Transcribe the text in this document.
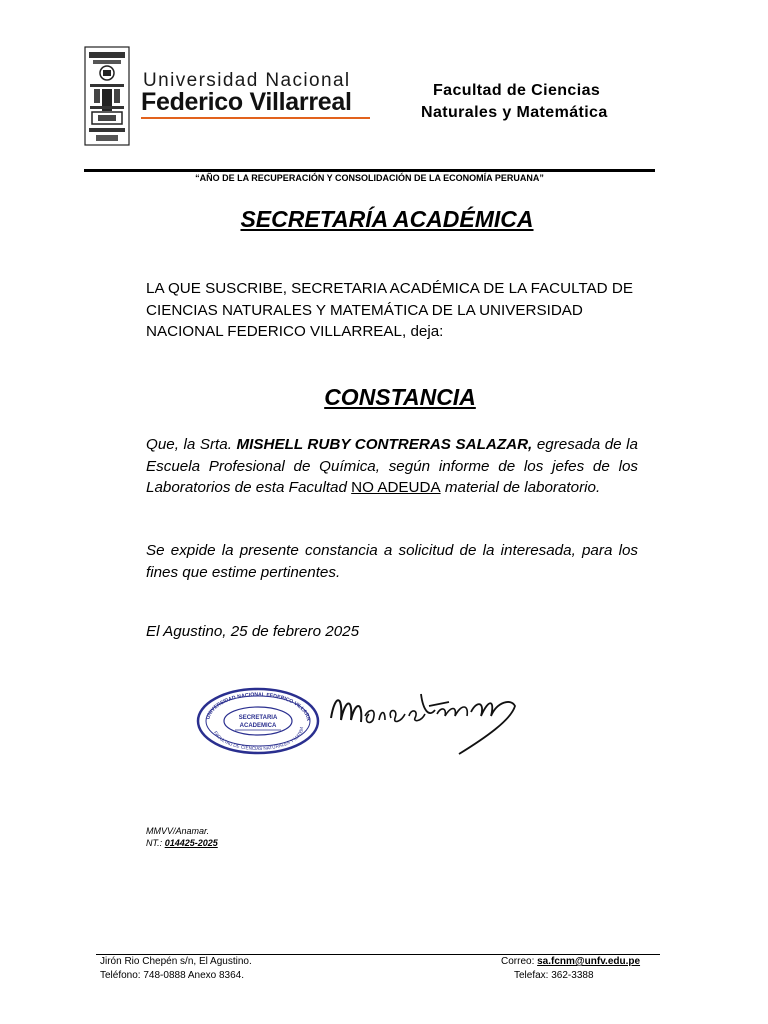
Universidad Nacional
Federico Villarreal	Facultad de Ciencias
Naturales y Matemática
“AÑO DE LA RECUPERACIÓN Y CONSOLIDACIÓN DE LA ECONOMÍA PERUANA”
SECRETARÍA ACADÉMICA
LA QUE SUSCRIBE, SECRETARIA ACADÉMICA DE LA FACULTAD DE CIENCIAS NATURALES Y MATEMÁTICA DE LA UNIVERSIDAD NACIONAL FEDERICO VILLARREAL, deja:
CONSTANCIA
Que, la Srta. MISHELL RUBY CONTRERAS SALAZAR, egresada de la Escuela Profesional de Química, según informe de los jefes de los Laboratorios de esta Facultad NO ADEUDA material de laboratorio.
Se expide la presente constancia a solicitud de la interesada, para los fines que estime pertinentes.
El Agustino, 25 de febrero 2025
UNIVERSIDAD NACIONAL FEDERICO VILLARR
FACULTAD DE CIENCIAS NATURALES Y MATEM
SECRETARIA
ACADEMICA
MMVV/Anamar.
NT.: 014425-2025
Jirón Rio Chepén s/n, El Agustino.
Teléfono: 748-0888 Anexo 8364.
Correo: sa.fcnm@unfv.edu.pe
Telefax: 362-3388
